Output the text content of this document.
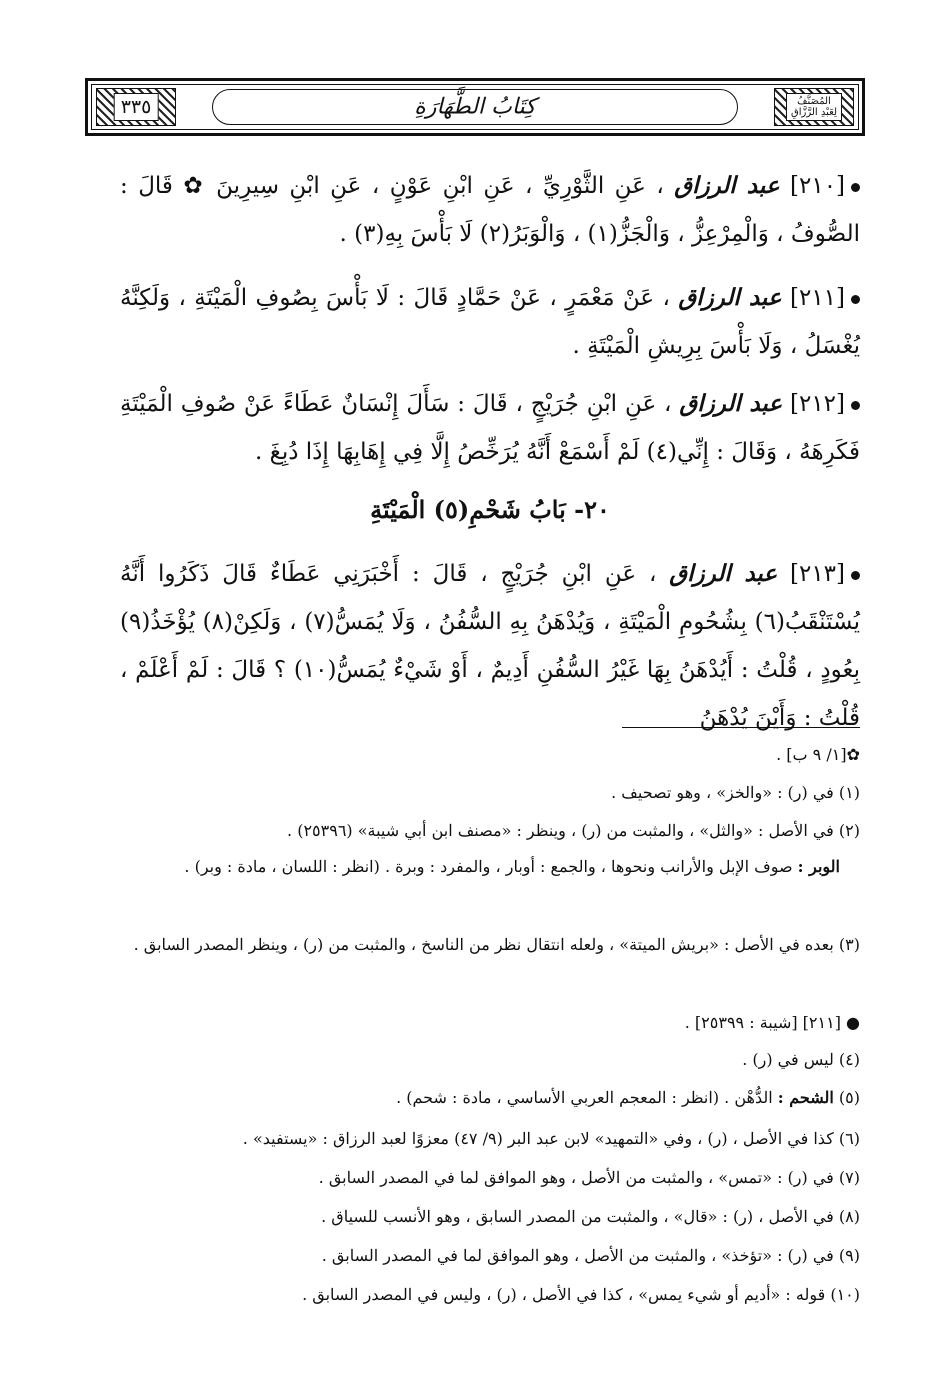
٣٣٥	كِتَابُ الطَّهَارَةِ	المُصَنَّفُ
لِعَبْدِ الرَّزَّاقِ
[٢١٠] عبد الرزاق ، عَنِ الثَّوْرِيِّ ، عَنِ ابْنِ عَوْنٍ ، عَنِ ابْنِ سِيرِينَ ✿ قَالَ : الصُّوفُ ، وَالْمِرْعِزُّ ، وَالْجَزُّ(١) ، وَالْوَبَرُ(٢) لَا بَأْسَ بِهِ(٣) .
[٢١١] عبد الرزاق ، عَنْ مَعْمَرٍ ، عَنْ حَمَّادٍ قَالَ : لَا بَأْسَ بِصُوفِ الْمَيْتَةِ ، وَلَكِنَّهُ يُغْسَلُ ، وَلَا بَأْسَ بِرِيشِ الْمَيْتَةِ .
[٢١٢] عبد الرزاق ، عَنِ ابْنِ جُرَيْجٍ ، قَالَ : سَأَلَ إِنْسَانٌ عَطَاءً عَنْ صُوفِ الْمَيْتَةِ فَكَرِهَهُ ، وَقَالَ : إِنِّي(٤) لَمْ أَسْمَعْ أَنَّهُ يُرَخِّصُ إِلَّا فِي إِهَابِهَا إِذَا دُبِغَ .
٢٠- بَابُ شَحْمِ(٥) الْمَيْتَةِ
[٢١٣] عبد الرزاق ، عَنِ ابْنِ جُرَيْجٍ ، قَالَ : أَخْبَرَنِي عَطَاءٌ قَالَ ذَكَرُوا أَنَّهُ يُسْتَنْقَبُ(٦) بِشُحُومِ الْمَيْتَةِ ، وَيُدْهَنُ بِهِ السُّفُنُ ، وَلَا يُمَسُّ(٧) ، وَلَكِنْ(٨) يُؤْخَذُ(٩) بِعُودٍ ، قُلْتُ : أَيُدْهَنُ بِهَا غَيْرُ السُّفُنِ أَدِيمٌ ، أَوْ شَيْءٌ يُمَسُّ(١٠) ؟ قَالَ : لَمْ أَعْلَمْ ، قُلْتُ : وَأَيْنَ يُدْهَنُ
✿[١/ ٩ ب] .
(١) في (ر) : «والخز» ، وهو تصحيف .
(٢) في الأصل : «والثل» ، والمثبت من (ر) ، وينظر : «مصنف ابن أبي شيبة» (٢٥٣٩٦) .
الوبر : صوف الإبل والأرانب ونحوها ، والجمع : أوبار ، والمفرد : وبرة . (انظر : اللسان ، مادة : وبر) .
(٣) بعده في الأصل : «بريش الميتة» ، ولعله انتقال نظر من الناسخ ، والمثبت من (ر) ، وينظر المصدر السابق .
● [٢١١] [شيبة : ٢٥٣٩٩] .
(٤) ليس في (ر) .
(٥) الشحم : الدُّهْن . (انظر : المعجم العربي الأساسي ، مادة : شحم) .
(٦) كذا في الأصل ، (ر) ، وفي «التمهيد» لابن عبد البر (٩/ ٤٧) معزوًا لعبد الرزاق : «يستفيد» .
(٧) في (ر) : «تمس» ، والمثبت من الأصل ، وهو الموافق لما في المصدر السابق .
(٨) في الأصل ، (ر) : «قال» ، والمثبت من المصدر السابق ، وهو الأنسب للسياق .
(٩) في (ر) : «تؤخذ» ، والمثبت من الأصل ، وهو الموافق لما في المصدر السابق .
(١٠) قوله : «أديم أو شيء يمس» ، كذا في الأصل ، (ر) ، وليس في المصدر السابق .
